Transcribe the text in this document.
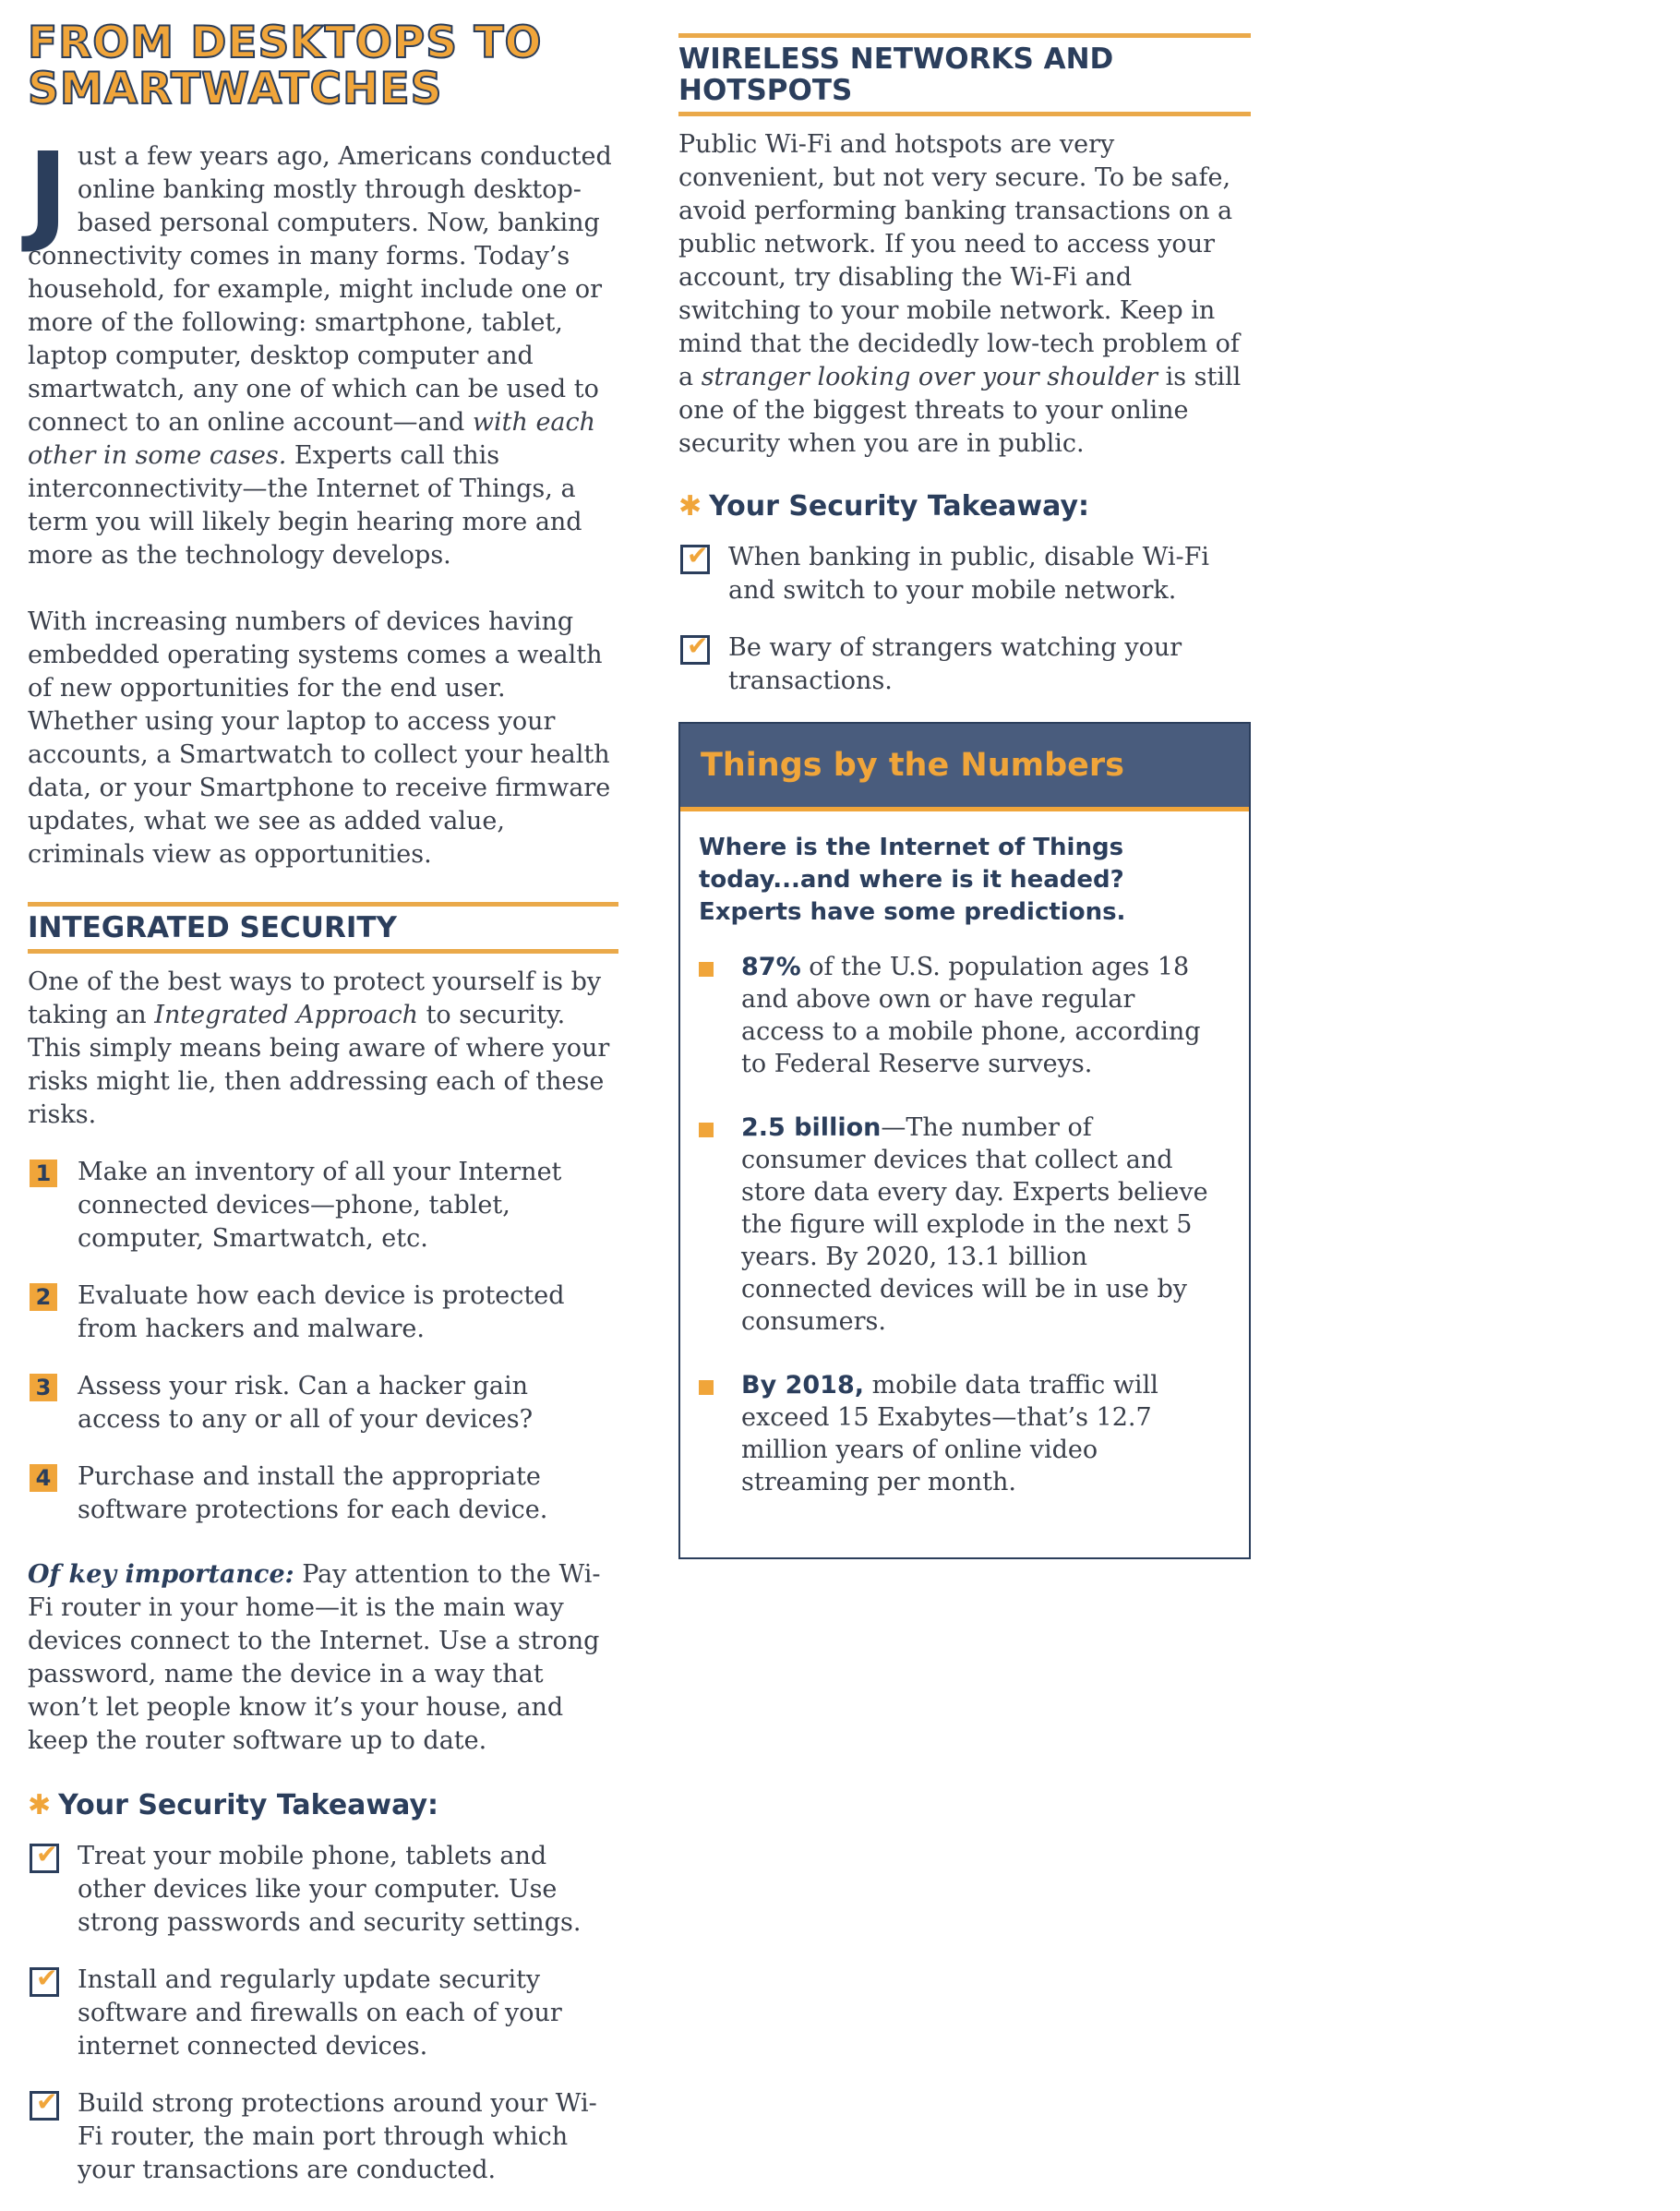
FROM DESKTOPS TO
SMARTWATCHES

Just a few years ago, Americans conducted online banking mostly through desktop-based personal computers. Now, banking connectivity comes in many forms. Today’s household, for example, might include one or more of the following: smartphone, tablet, laptop computer, desktop computer and smartwatch, any one of which can be used to connect to an online account—and with each other in some cases. Experts call this interconnectivity—the Internet of Things, a term you will likely begin hearing more and more as the technology develops.

With increasing numbers of devices having embedded operating systems comes a wealth of new opportunities for the end user. Whether using your laptop to access your accounts, a Smartwatch to collect your health data, or your Smartphone to receive firmware updates, what we see as added value, criminals view as opportunities.

INTEGRATED SECURITY

One of the best ways to protect yourself is by taking an Integrated Approach to security. This simply means being aware of where your risks might lie, then addressing each of these risks.

1 Make an inventory of all your Internet connected devices—phone, tablet, computer, Smartwatch, etc.
2 Evaluate how each device is protected from hackers and malware.
3 Assess your risk. Can a hacker gain access to any or all of your devices?
4 Purchase and install the appropriate software protections for each device.

Of key importance: Pay attention to the Wi-Fi router in your home—it is the main way devices connect to the Internet. Use a strong password, name the device in a way that won’t let people know it’s your house, and keep the router software up to date.

✱ Your Security Takeaway:
✔
Treat your mobile phone, tablets and other devices like your computer. Use strong passwords and security settings.
✔
Install and regularly update security software and firewalls on each of your internet connected devices.
✔
Build strong protections around your Wi-Fi router, the main port through which your transactions are conducted.
WIRELESS NETWORKS AND
HOTSPOTS

Public Wi-Fi and hotspots are very convenient, but not very secure. To be safe, avoid performing banking transactions on a public network. If you need to access your account, try disabling the Wi-Fi and switching to your mobile network. Keep in mind that the decidedly low-tech problem of a stranger looking over your shoulder is still one of the biggest threats to your online security when you are in public.

✱ Your Security Takeaway:
✔
When banking in public, disable Wi-Fi and switch to your mobile network.
✔
Be wary of strangers watching your transactions.
Things by the Numbers
Where is the Internet of Things
today...and where is it headed?
Experts have some predictions.
87% of the U.S. population ages 18 and above own or have regular access to a mobile phone, according to Federal Reserve surveys.
2.5 billion—The number of consumer devices that collect and store data every day. Experts believe the figure will explode in the next 5 years. By 2020, 13.1 billion connected devices will be in use by consumers.
By 2018, mobile data traffic will exceed 15 Exabytes—that’s 12.7 million years of online video streaming per month.
